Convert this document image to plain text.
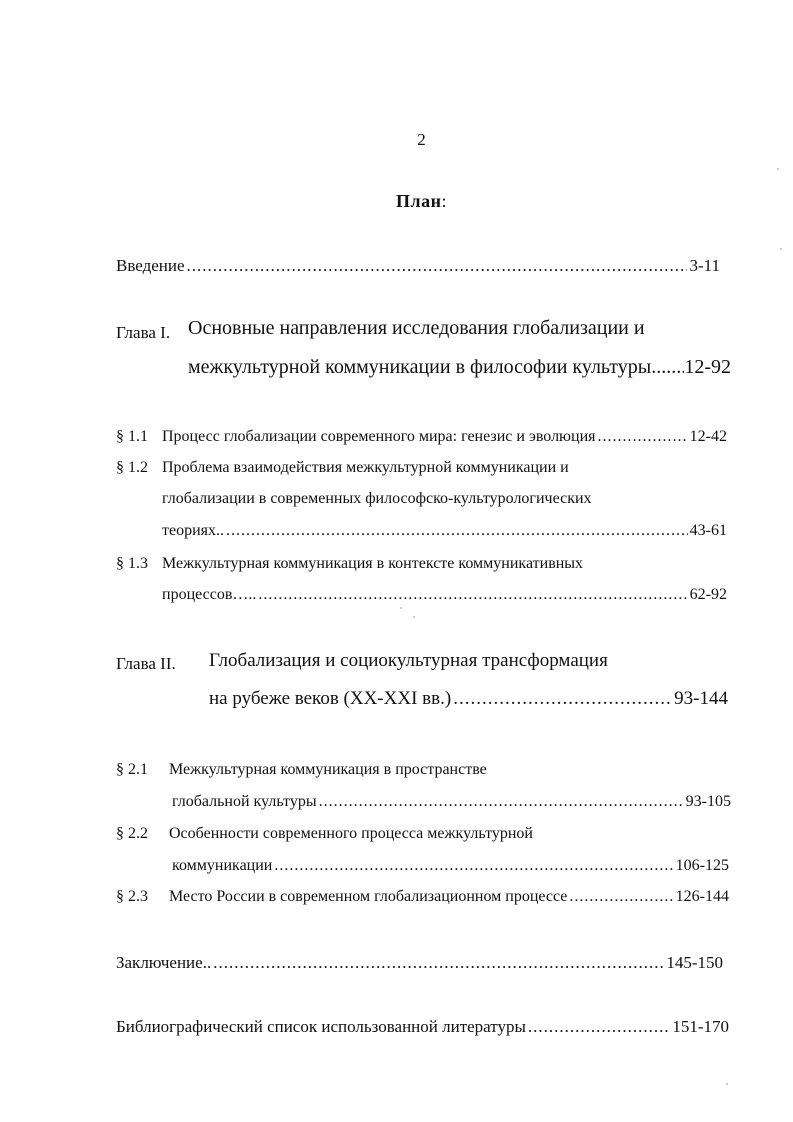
2
План:
Введение .....	3-11
Глава I. Основные направления исследования глобализации и
межкультурной коммуникации в философии культуры ..... 12-92
§ 1.1 Процесс глобализации современного мира: генезис и эволюция .....	12-42
§ 1.2 Проблема взаимодействия межкультурной коммуникации и
глобализации в современных философско-культурологических
теориях.. .....	43-61
§ 1.3 Межкультурная коммуникация в контексте коммуникативных
процессов….. .....	62-92
Глава II. Глобализация и социокультурная трансформация
на рубеже веков (XX-XXI вв.) .....	93-144
§ 2.1 Межкультурная коммуникация в пространстве
глобальной культуры .....	93-105
§ 2.2 Особенности современного процесса межкультурной
коммуникации .....	106-125
§ 2.3 Место России в современном глобализационном процессе .....	126-144
Заключение.. .....	145-150
Библиографический список использованной литературы .....	151-170
